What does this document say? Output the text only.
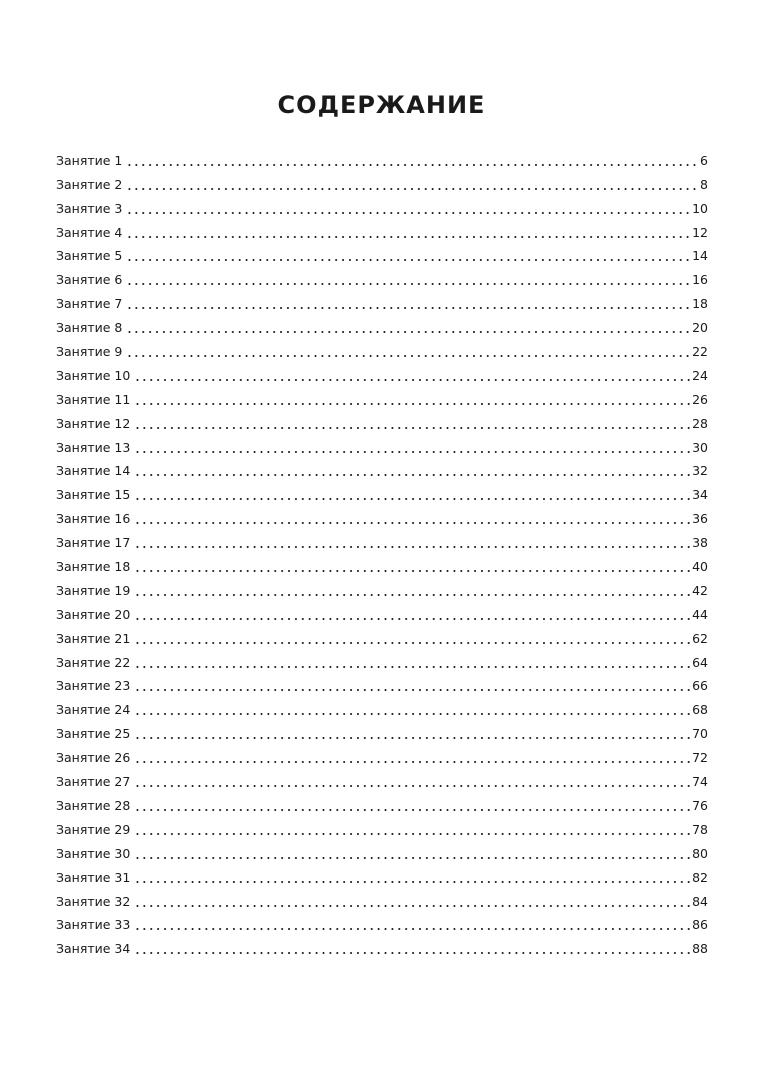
СОДЕРЖАНИЕ
Занятие 1	6
Занятие 2	8
Занятие 3	10
Занятие 4	12
Занятие 5	14
Занятие 6	16
Занятие 7	18
Занятие 8	20
Занятие 9	22
Занятие 10	24
Занятие 11	26
Занятие 12	28
Занятие 13	30
Занятие 14	32
Занятие 15	34
Занятие 16	36
Занятие 17	38
Занятие 18	40
Занятие 19	42
Занятие 20	44
Занятие 21	62
Занятие 22	64
Занятие 23	66
Занятие 24	68
Занятие 25	70
Занятие 26	72
Занятие 27	74
Занятие 28	76
Занятие 29	78
Занятие 30	80
Занятие 31	82
Занятие 32	84
Занятие 33	86
Занятие 34	88
